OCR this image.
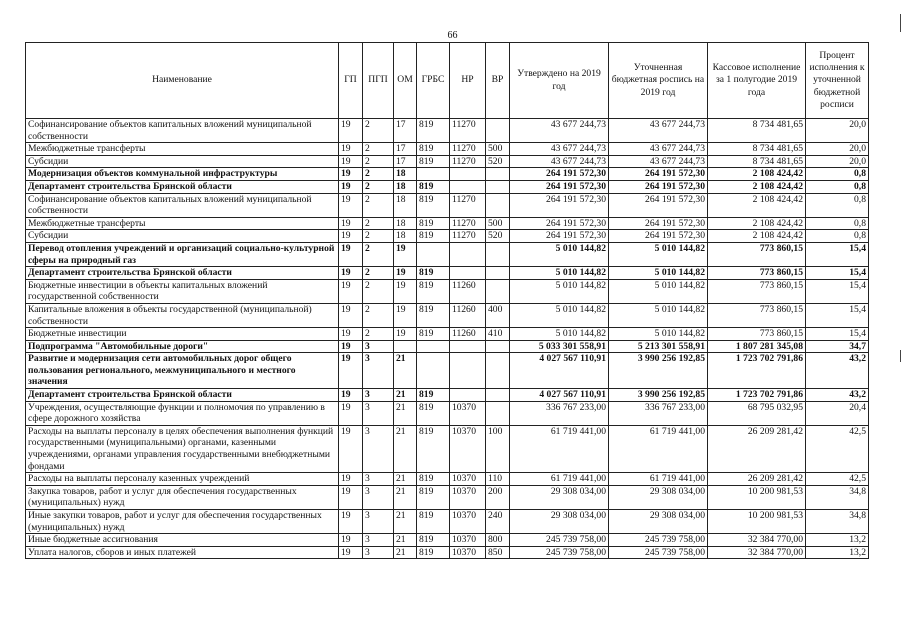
66
Наименование	ГП	ПГП	ОМ	ГРБС	НР	ВР	Утверждено на 2019 год	Уточненная бюджетная роспись на 2019 год	Кассовое исполнение за 1 полугодие 2019 года	Процент исполнения к уточненной бюджетной росписи
Софинансирование объектов капитальных вложений муниципальной собственности	19	2	17	819	11270		43 677 244,73	43 677 244,73	8 734 481,65	20,0
Межбюджетные трансферты	19	2	17	819	11270	500	43 677 244,73	43 677 244,73	8 734 481,65	20,0
Субсидии	19	2	17	819	11270	520	43 677 244,73	43 677 244,73	8 734 481,65	20,0
Модернизация объектов коммунальной инфраструктуры	19	2	18				264 191 572,30	264 191 572,30	2 108 424,42	0,8
Департамент строительства Брянской области	19	2	18	819			264 191 572,30	264 191 572,30	2 108 424,42	0,8
Софинансирование объектов капитальных вложений муниципальной собственности	19	2	18	819	11270		264 191 572,30	264 191 572,30	2 108 424,42	0,8
Межбюджетные трансферты	19	2	18	819	11270	500	264 191 572,30	264 191 572,30	2 108 424,42	0,8
Субсидии	19	2	18	819	11270	520	264 191 572,30	264 191 572,30	2 108 424,42	0,8
Перевод отопления учреждений и организаций социально-культурной сферы на природный газ	19	2	19				5 010 144,82	5 010 144,82	773 860,15	15,4
Департамент строительства Брянской области	19	2	19	819			5 010 144,82	5 010 144,82	773 860,15	15,4
Бюджетные инвестиции в объекты капитальных вложений государственной собственности	19	2	19	819	11260		5 010 144,82	5 010 144,82	773 860,15	15,4
Капитальные вложения в объекты государственной (муниципальной) собственности	19	2	19	819	11260	400	5 010 144,82	5 010 144,82	773 860,15	15,4
Бюджетные инвестиции	19	2	19	819	11260	410	5 010 144,82	5 010 144,82	773 860,15	15,4
Подпрограмма "Автомобильные дороги"	19	3					5 033 301 558,91	5 213 301 558,91	1 807 281 345,08	34,7
Развитие и модернизация сети автомобильных дорог общего пользования регионального, межмуниципального и местного значения	19	3	21				4 027 567 110,91	3 990 256 192,85	1 723 702 791,86	43,2
Департамент строительства Брянской области	19	3	21	819			4 027 567 110,91	3 990 256 192,85	1 723 702 791,86	43,2
Учреждения, осуществляющие функции и полномочия по управлению в сфере дорожного хозяйства	19	3	21	819	10370		336 767 233,00	336 767 233,00	68 795 032,95	20,4
Расходы на выплаты персоналу в целях обеспечения выполнения функций государственными (муниципальными) органами, казенными учреждениями, органами управления государственными внебюджетными фондами	19	3	21	819	10370	100	61 719 441,00	61 719 441,00	26 209 281,42	42,5
Расходы на выплаты персоналу казенных учреждений	19	3	21	819	10370	110	61 719 441,00	61 719 441,00	26 209 281,42	42,5
Закупка товаров, работ и услуг для обеспечения государственных (муниципальных) нужд	19	3	21	819	10370	200	29 308 034,00	29 308 034,00	10 200 981,53	34,8
Иные закупки товаров, работ и услуг для обеспечения государственных (муниципальных) нужд	19	3	21	819	10370	240	29 308 034,00	29 308 034,00	10 200 981,53	34,8
Иные бюджетные ассигнования	19	3	21	819	10370	800	245 739 758,00	245 739 758,00	32 384 770,00	13,2
Уплата налогов, сборов и иных платежей	19	3	21	819	10370	850	245 739 758,00	245 739 758,00	32 384 770,00	13,2
